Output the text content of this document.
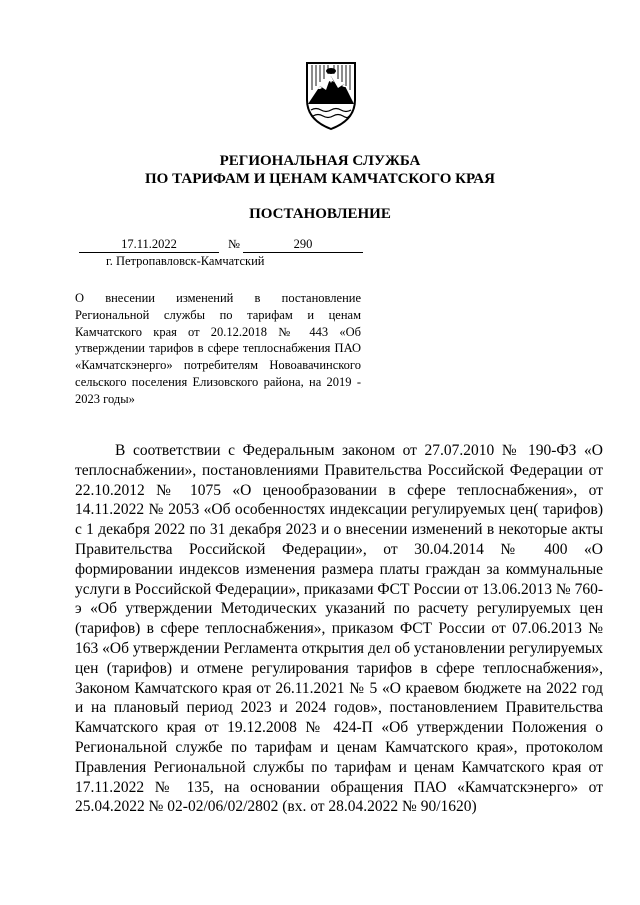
РЕГИОНАЛЬНАЯ СЛУЖБА
ПО ТАРИФАМ И ЦЕНАМ КАМЧАТСКОГО КРАЯ
ПОСТАНОВЛЕНИЕ
17.11.2022	№	290
г. Петропавловск-Камчатский
О внесении изменений в постановление Региональной службы по тарифам и ценам Камчатского края от 20.12.2018 № 443 «Об утверждении тарифов в сфере теплоснабжения ПАО «Камчатскэнерго» потребителям Новоавачинского сельского поселения Елизовского района, на 2019 - 2023 годы»
В соответствии с Федеральным законом от 27.07.2010 № 190-ФЗ «О теплоснабжении», постановлениями Правительства Российской Федерации от 22.10.2012 № 1075 «О ценообразовании в сфере теплоснабжения», от 14.11.2022 № 2053 «Об особенностях индексации регулируемых цен( тарифов) с 1 декабря 2022 по 31 декабря 2023 и о внесении изменений в некоторые акты Правительства Российской Федерации», от 30.04.2014 № 400 «О формировании индексов изменения размера платы граждан за коммунальные услуги в Российской Федерации», приказами ФСТ России от 13.06.2013 № 760-э «Об утверждении Методических указаний по расчету регулируемых цен (тарифов) в сфере теплоснабжения», приказом ФСТ России от 07.06.2013 № 163 «Об утверждении Регламента открытия дел об установлении регулируемых цен (тарифов) и отмене регулирования тарифов в сфере теплоснабжения», Законом Камчатского края от 26.11.2021 № 5 «О краевом бюджете на 2022 год и на плановый период 2023 и 2024 годов», постановлением Правительства Камчатского края от 19.12.2008 № 424-П «Об утверждении Положения о Региональной службе по тарифам и ценам Камчатского края», протоколом Правления Региональной службы по тарифам и ценам Камчатского края от 17.11.2022 № 135, на основании обращения ПАО «Камчатскэнерго» от 25.04.2022 № 02-02/06/02/2802 (вх. от 28.04.2022 № 90/1620)
